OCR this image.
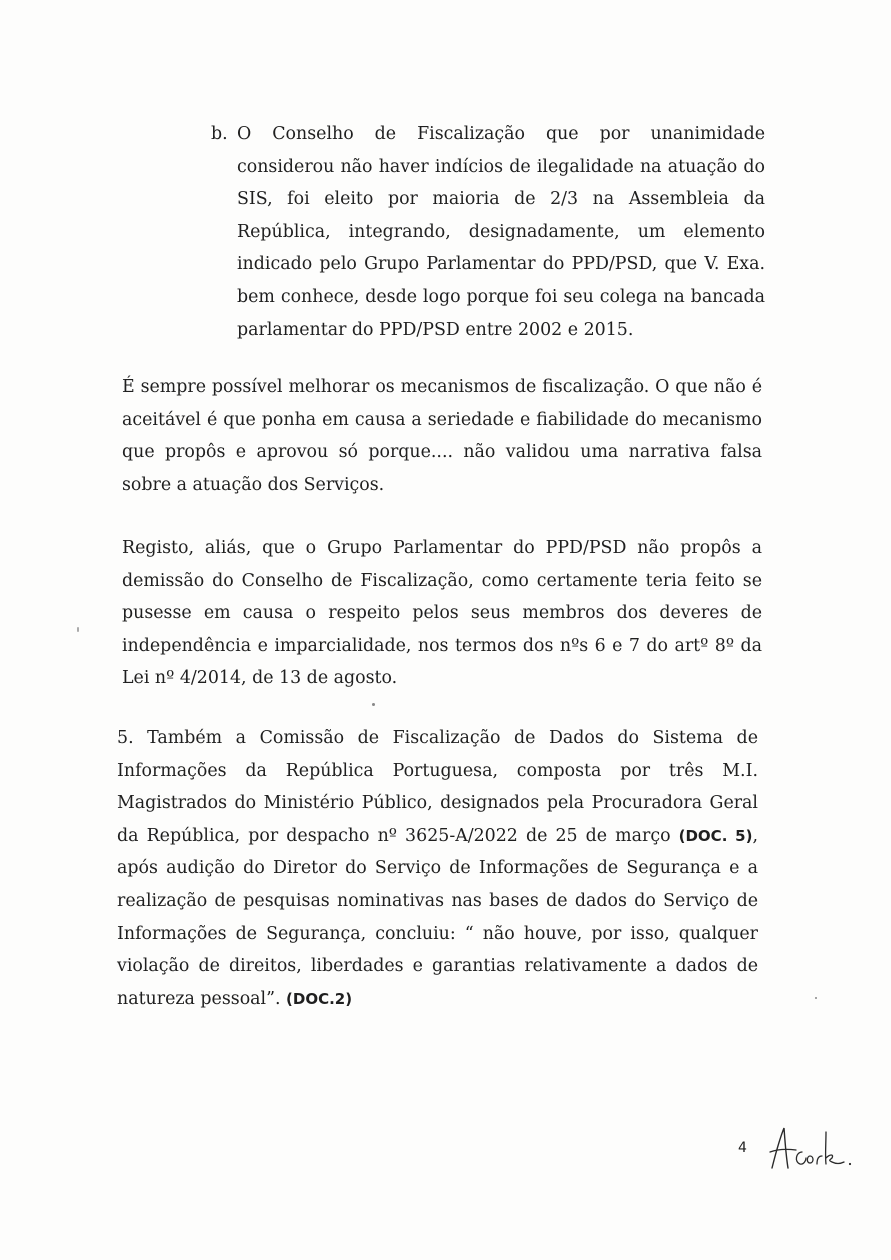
b. O Conselho de Fiscalização que por unanimidade considerou não haver indícios de ilegalidade na atuação do SIS, foi eleito por maioria de 2/3 na Assembleia da República, integrando, designadamente, um elemento indicado pelo Grupo Parlamentar do PPD/PSD, que V. Exa. bem conhece, desde logo porque foi seu colega na bancada parlamentar do PPD/PSD entre 2002 e 2015.

É sempre possível melhorar os mecanismos de fiscalização. O que não é aceitável é que ponha em causa a seriedade e fiabilidade do mecanismo que propôs e aprovou só porque.... não validou uma narrativa falsa sobre a atuação dos Serviços.

Registo, aliás, que o Grupo Parlamentar do PPD/PSD não propôs a demissão do Conselho de Fiscalização, como certamente teria feito se pusesse em causa o respeito pelos seus membros dos deveres de independência e imparcialidade, nos termos dos nºs 6 e 7 do artº 8º da Lei nº 4/2014, de 13 de agosto.

5. Também a Comissão de Fiscalização de Dados do Sistema de Informações da República Portuguesa, composta por três M.I. Magistrados do Ministério Público, designados pela Procuradora Geral da República, por despacho nº 3625-A/2022 de 25 de março (DOC. 5), após audição do Diretor do Serviço de Informações de Segurança e a realização de pesquisas nominativas nas bases de dados do Serviço de Informações de Segurança, concluiu: “ não houve, por isso, qualquer violação de direitos, liberdades e garantias relativamente a dados de natureza pessoal”. (DOC.2)

4
